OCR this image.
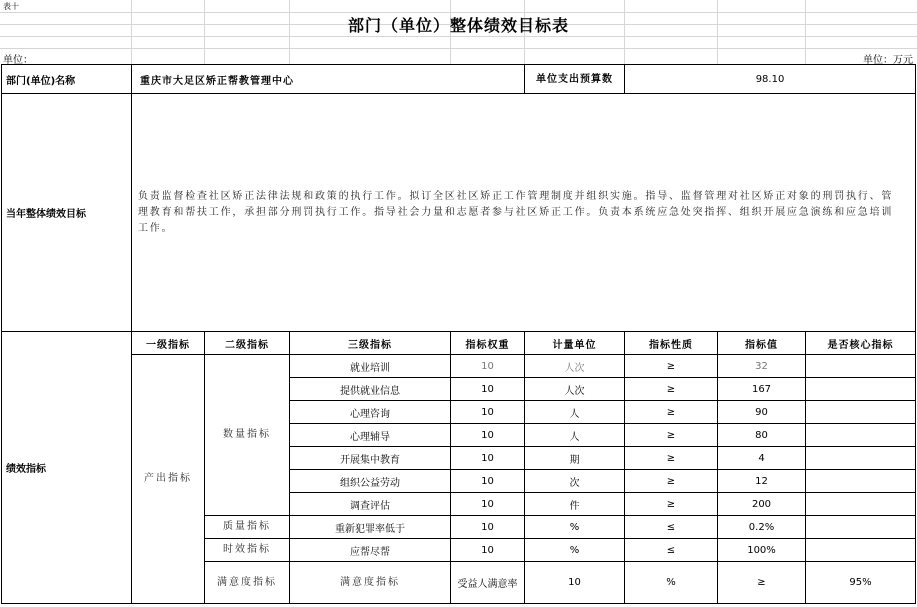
表十
部门（单位）整体绩效目标表
单位：	单位：万元
部门(单位)名称	重庆市大足区矫正帮教管理中心				单位支出预算数	98.10			
当年整体绩效目标	负责监督检查社区矫正法律法规和政策的执行工作。拟订全区社区矫正工作管理制度并组织实施。指导、监督管理对社区矫正对象的刑罚执行、管理教育和帮扶工作，承担部分刑罚执行工作。指导社会力量和志愿者参与社区矫正工作。负责本系统应急处突指挥、组织开展应急演练和应急培训工作。								
绩效指标	一级指标	二级指标	三级指标	指标权重	计量单位	指标性质	指标值	是否核心指标	
	产出指标	数量指标	就业培训	10	人次	≥	32		
			提供就业信息	10	人次	≥	167		
			心理咨询	10	人	≥	90		
			心理辅导	10	人	≥	80		
			开展集中教育	10	期	≥	4		
			组织公益劳动	10	次	≥	12		
			调查评估	10	件	≥	200		
		质量指标	重新犯罪率低于	10	%	≤	0.2%		
		时效指标	应帮尽帮	10	%	≤	100%		
		满意度指标	满意度指标	受益人满意率	10	%	≥	95%	
